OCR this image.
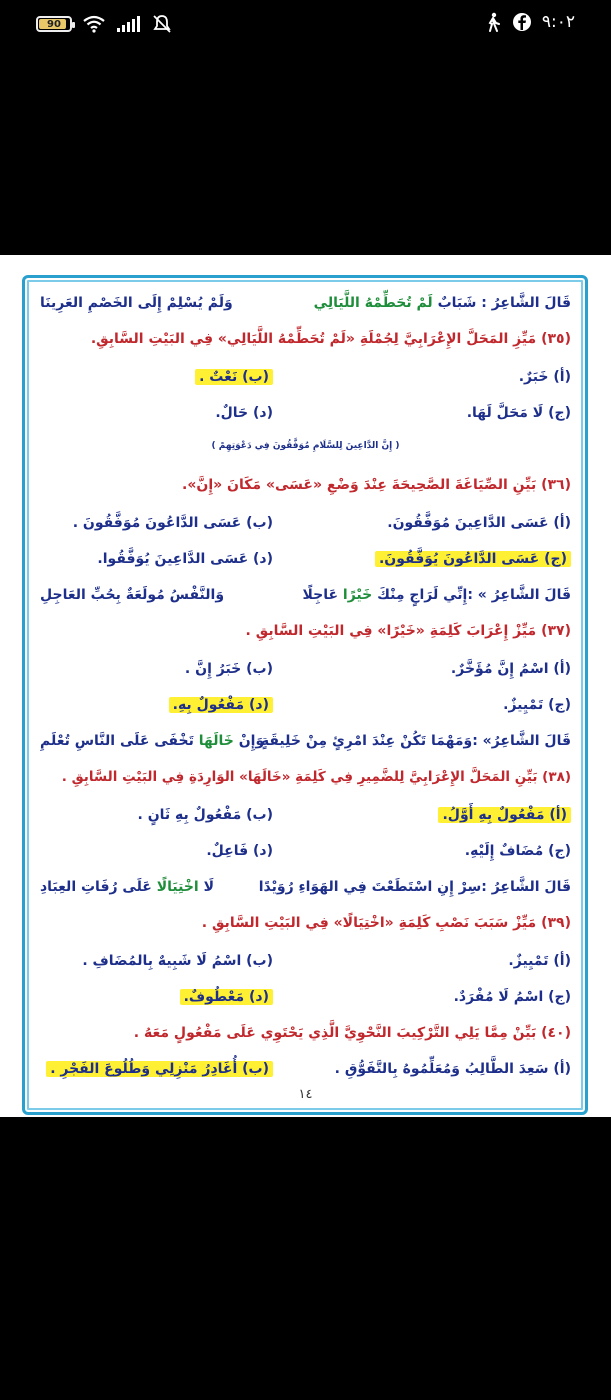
90	٩:٠٢
قَالَ الشَّاعِرُ : شَبَابٌ لَمْ تُحَطِّمْهُ اللَّيَالِي
وَلَمْ يُسْلِمْ إِلَى الخَصْمِ العَرِينَا
(٣٥) مَيِّزِ المَحَلَّ الإِعْرَابِيَّ لِجُمْلَةِ «لَمْ تُحَطِّمْهُ اللَّيَالِي» فِي البَيْتِ السَّابِقِ.
(أ) خَبَرٌ.
(ب) نَعْتٌ .
(ج) لَا مَحَلَّ لَهَا.
(د) حَالٌ.
( إِنَّ الدَّاعِينَ لِلسَّلَامِ مُوَفَّقُونَ فِي دَعْوَتِهِمْ )
(٣٦) بَيِّنِ الصِّيَاغَةَ الصَّحِيحَةَ عِنْدَ وَضْعِ «عَسَى» مَكَانَ «إِنَّ».
(أ) عَسَى الدَّاعِينَ مُوَفَّقُونَ.
(ب) عَسَى الدَّاعُونَ مُوَفَّقُونَ .
(ج) عَسَى الدَّاعُونَ يُوَفَّقُونَ.
(د) عَسَى الدَّاعِينَ يُوَفَّقُوا.
قَالَ الشَّاعِرُ » :إِنِّي لَرَاجٍ مِنْكَ خَيْرًا عَاجِلًا
وَالنَّفْسُ مُولَعَةٌ بِحُبِّ العَاجِلِ
(٣٧) مَيِّزْ إِعْرَابَ كَلِمَةِ «خَيْرًا» فِي البَيْتِ السَّابِقِ .
(أ) اسْمُ إِنَّ مُؤَخَّرٌ.
(ب) خَبَرُ إِنَّ .
(ج) تَمْيِيزٌ.
(د) مَفْعُولٌ بِهِ.
قَالَ الشَّاعِرُ» :وَمَهْمَا تَكُنْ عِنْدَ امْرِئٍ مِنْ خَلِيقَةٍ
وَإِنْ خَالَهَا تَخْفَى عَلَى النَّاسِ تُعْلَمِ
(٣٨) بَيِّنِ المَحَلَّ الإِعْرَابِيَّ لِلضَّمِيرِ فِي كَلِمَةِ «خَالَهَا» الوَارِدَةِ فِي البَيْتِ السَّابِقِ .
(أ) مَفْعُولٌ بِهِ أَوَّلُ.
(ب) مَفْعُولٌ بِهِ ثَانٍ .
(ج) مُضَافٌ إِلَيْهِ.
(د) فَاعِلٌ.
قَالَ الشَّاعِرُ :سِرْ إِنِ اسْتَطَعْتَ فِي الهَوَاءِ رُوَيْدًا
لَا اخْتِيَالًا عَلَى رُفَاتِ العِبَادِ
(٣٩) مَيِّزْ سَبَبَ نَصْبِ كَلِمَةِ «اخْتِيَالًا» فِي البَيْتِ السَّابِقِ .
(أ) تَمْيِيزٌ.
(ب) اسْمُ لَا شَبِيهٌ بِالمُضَافِ .
(ج) اسْمُ لَا مُفْرَدٌ.
(د) مَعْطُوفٌ.
(٤٠) بَيِّنْ مِمَّا يَلِي التَّرْكِيبَ النَّحْوِيَّ الَّذِي يَحْتَوِي عَلَى مَفْعُولٍ مَعَهُ .
(أ) سَعِدَ الطَّالِبُ وَمُعَلِّمُوهُ بِالتَّفَوُّقِ .
(ب) أُغَادِرُ مَنْزِلِي وَطُلُوعَ الفَجْرِ .
١٤
